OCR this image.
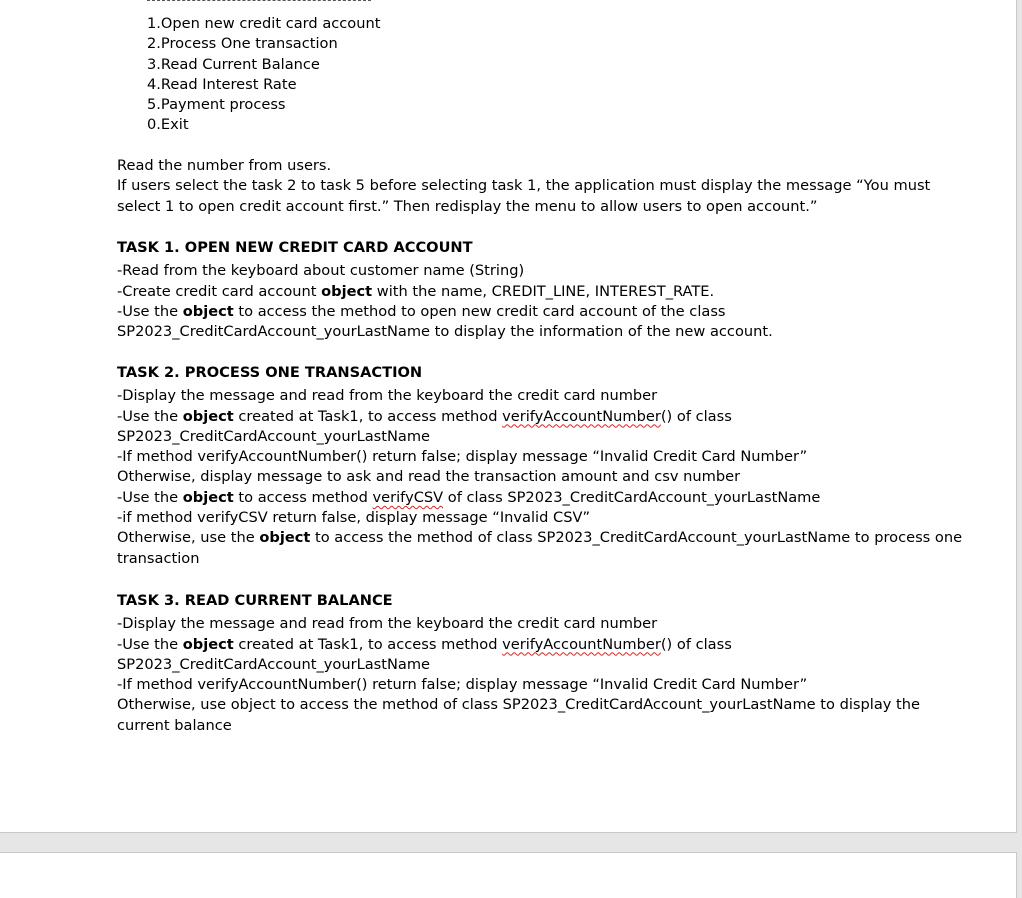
1.Open new credit card account
2.Process One transaction
3.Read Current Balance
4.Read Interest Rate
5.Payment process
0.Exit
Read the number from users.
If users select the task 2 to task 5 before selecting task 1, the application must display the message “You must
select 1 to open credit account first.” Then redisplay the menu to allow users to open account.”
TASK 1. OPEN NEW CREDIT CARD ACCOUNT
-Read from the keyboard about customer name (String)
-Create credit card account object with the name, CREDIT_LINE, INTEREST_RATE.
-Use the object to access the method to open new credit card account of the class
SP2023_CreditCardAccount_yourLastName to display the information of the new account.
TASK 2. PROCESS ONE TRANSACTION
-Display the message and read from the keyboard the credit card number
-Use the object created at Task1, to access method verifyAccountNumber() of class
SP2023_CreditCardAccount_yourLastName
-If method verifyAccountNumber() return false; display message “Invalid Credit Card Number”
Otherwise, display message to ask and read the transaction amount and csv number
-Use the object to access method verifyCSV of class SP2023_CreditCardAccount_yourLastName
-if method verifyCSV return false, display message “Invalid CSV”
Otherwise, use the object to access the method of class SP2023_CreditCardAccount_yourLastName to process one
transaction
TASK 3. READ CURRENT BALANCE
-Display the message and read from the keyboard the credit card number
-Use the object created at Task1, to access method verifyAccountNumber() of class
SP2023_CreditCardAccount_yourLastName
-If method verifyAccountNumber() return false; display message “Invalid Credit Card Number”
Otherwise, use object to access the method of class SP2023_CreditCardAccount_yourLastName to display the
current balance
